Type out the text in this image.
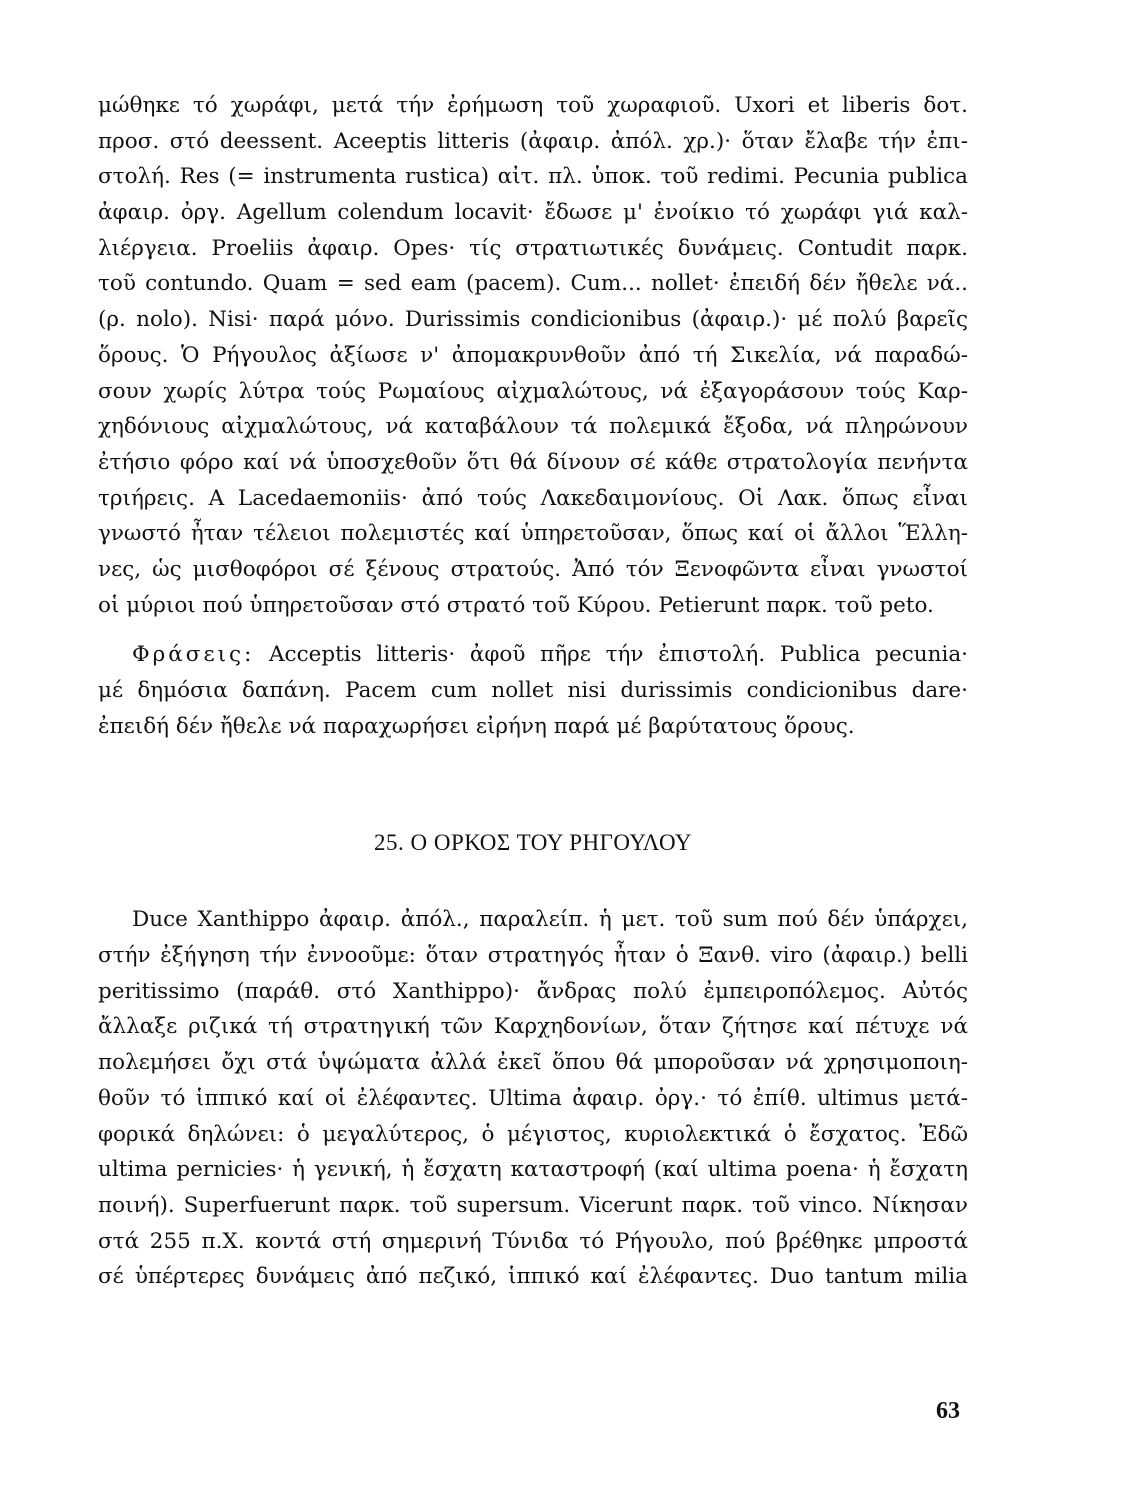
μώθηκε τό χωράφι, μετά τήν ἐρήμωση τοῦ χωραφιοῦ. Uxori et liberis δοτ.
προσ. στό deessent. Aceeptis litteris (ἀφαιρ. ἀπόλ. χρ.)· ὅταν ἔλαβε τήν ἐπι-
στολή. Res (= instrumenta rustica) αἰτ. πλ. ὑποκ. τοῦ redimi. Pecunia publica
ἀφαιρ. ὀργ. Agellum colendum locavit· ἔδωσε μ' ἐνοίκιο τό χωράφι γιά καλ-
λιέργεια. Proeliis ἀφαιρ. Opes· τίς στρατιωτικές δυνάμεις. Contudit παρκ.
τοῦ contundo. Quam = sed eam (pacem). Cum... nollet· ἐπειδή δέν ἤθελε νά..
(ρ. nolo). Nisi· παρά μόνο. Durissimis condicionibus (ἀφαιρ.)· μέ πολύ βαρεῖς
ὅρους. Ὁ Ρήγουλος ἀξίωσε ν' ἀπομακρυνθοῦν ἀπό τή Σικελία, νά παραδώ-
σουν χωρίς λύτρα τούς Ρωμαίους αἰχμαλώτους, νά ἐξαγοράσουν τούς Καρ-
χηδόνιους αἰχμαλώτους, νά καταβάλουν τά πολεμικά ἔξοδα, νά πληρώνουν
ἐτήσιο φόρο καί νά ὑποσχεθοῦν ὅτι θά δίνουν σέ κάθε στρατολογία πενήντα
τριήρεις. A Lacedaemoniis· ἀπό τούς Λακεδαιμονίους. Οἱ Λακ. ὅπως εἶναι
γνωστό ἦταν τέλειοι πολεμιστές καί ὑπηρετοῦσαν, ὅπως καί οἱ ἄλλοι Ἕλλη-
νες, ὡς μισθοφόροι σέ ξένους στρατούς. Ἀπό τόν Ξενοφῶντα εἶναι γνωστοί
οἱ μύριοι πού ὑπηρετοῦσαν στό στρατό τοῦ Κύρου. Petierunt παρκ. τοῦ peto.
Φράσεις: Acceptis litteris· ἀφοῦ πῆρε τήν ἐπιστολή. Publica pecunia·
μέ δημόσια δαπάνη. Pacem cum nollet nisi durissimis condicionibus dare·
ἐπειδή δέν ἤθελε νά παραχωρήσει εἰρήνη παρά μέ βαρύτατους ὅρους.
25. Ο ΟΡΚΟΣ ΤΟΥ ΡΗΓΟΥΛΟΥ
Duce Xanthippo ἀφαιρ. ἀπόλ., παραλείπ. ἡ μετ. τοῦ sum πού δέν ὑπάρχει,
στήν ἐξήγηση τήν ἐννοοῦμε: ὅταν στρατηγός ἦταν ὁ Ξανθ. viro (ἀφαιρ.) belli
peritissimo (παράθ. στό Xanthippo)· ἄνδρας πολύ ἐμπειροπόλεμος. Αὐτός
ἄλλαξε ριζικά τή στρατηγική τῶν Καρχηδονίων, ὅταν ζήτησε καί πέτυχε νά
πολεμήσει ὄχι στά ὑψώματα ἀλλά ἐκεῖ ὅπου θά μποροῦσαν νά χρησιμοποιη-
θοῦν τό ἱππικό καί οἱ ἐλέφαντες. Ultima ἀφαιρ. ὀργ.· τό ἐπίθ. ultimus μετά-
φορικά δηλώνει: ὁ μεγαλύτερος, ὁ μέγιστος, κυριολεκτικά ὁ ἔσχατος. Ἐδῶ
ultima pernicies· ἡ γενική, ἡ ἔσχατη καταστροφή (καί ultima poena· ἡ ἔσχατη
ποινή). Superfuerunt παρκ. τοῦ supersum. Vicerunt παρκ. τοῦ vinco. Νίκησαν
στά 255 π.Χ. κοντά στή σημερινή Τύνιδα τό Ρήγουλο, πού βρέθηκε μπροστά
σέ ὑπέρτερες δυνάμεις ἀπό πεζικό, ἱππικό καί ἐλέφαντες. Duo tantum milia
63
